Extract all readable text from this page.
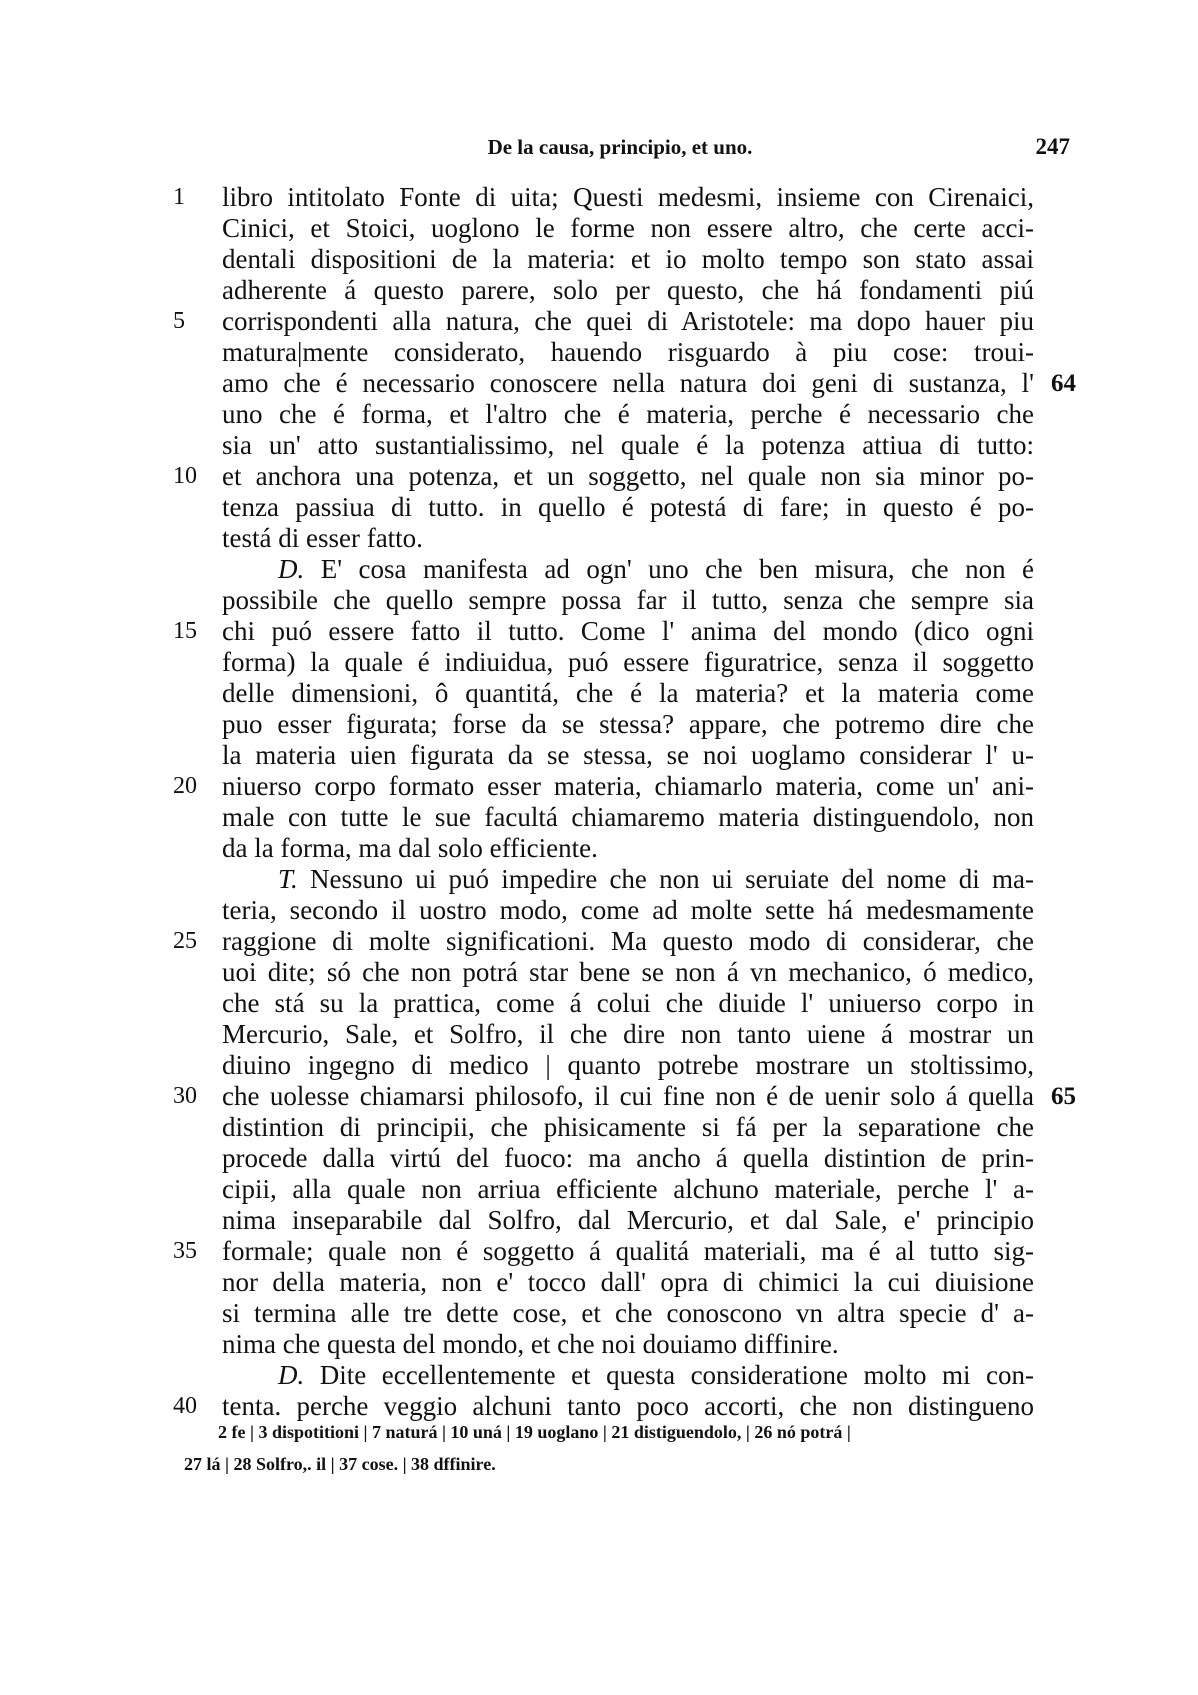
De la causa, principio, et uno.	247
1	libro intitolato Fonte di uita; Questi medesmi, insieme con Cirenaici,
Cinici, et Stoici, uoglono le forme non essere altro, che certe acci-
dentali dispositioni de la materia: et io molto tempo son stato assai
adherente á questo parere, solo per questo, che há fondamenti piú
5	corrispondenti alla natura, che quei di Aristotele: ma dopo hauer piu
matura|mente considerato, hauendo risguardo à piu cose: troui-
64
amo che é necessario conoscere nella natura doi geni di sustanza, l'
uno che é forma, et l'altro che é materia, perche é necessario che
sia un' atto sustantialissimo, nel quale é la potenza attiua di tutto:
10 et anchora una potenza, et un soggetto, nel quale non sia minor po-
tenza passiua di tutto. in quello é potestá di fare; in questo é po-
testá di esser fatto.
D. E' cosa manifesta ad ogn' uno che ben misura, che non é
possibile che quello sempre possa far il tutto, senza che sempre sia
15 chi puó essere fatto il tutto. Come l' anima del mondo (dico ogni
forma) la quale é indiuidua, puó essere figuratrice, senza il soggetto
delle dimensioni, ô quantitá, che é la materia? et la materia come
puo esser figurata; forse da se stessa? appare, che potremo dire che
la materia uien figurata da se stessa, se noi uoglamo considerar l' u-
20 niuerso corpo formato esser materia, chiamarlo materia, come un' ani-
male con tutte le sue facultá chiamaremo materia distinguendolo, non
da la forma, ma dal solo efficiente.
T. Nessuno ui puó impedire che non ui seruiate del nome di ma-
teria, secondo il uostro modo, come ad molte sette há medesmamente
25 raggione di molte significationi. Ma questo modo di considerar, che
uoi dite; só che non potrá star bene se non á vn mechanico, ó medico,
che stá su la prattica, come á colui che diuide l' uniuerso corpo in
Mercurio, Sale, et Solfro, il che dire non tanto uiene á mostrar un
diuino ingegno di medico | quanto potrebe mostrare un stoltissimo,
65
30 che uolesse chiamarsi philosofo, il cui fine non é de uenir solo á quella
distintion di principii, che phisicamente si fá per la separatione che
procede dalla virtú del fuoco: ma ancho á quella distintion de prin-
cipii, alla quale non arriua efficiente alchuno materiale, perche l' a-
nima inseparabile dal Solfro, dal Mercurio, et dal Sale, e' principio
35 formale; quale non é soggetto á qualitá materiali, ma é al tutto sig-
nor della materia, non e' tocco dall' opra di chimici la cui diuisione
si termina alle tre dette cose, et che conoscono vn altra specie d' a-
nima che questa del mondo, et che noi douiamo diffinire.
D. Dite eccellentemente et questa consideratione molto mi con-
40 tenta. perche veggio alchuni tanto poco accorti, che non distingueno
2 fe | 3 dispotitioni | 7 naturá | 10 uná | 19 uoglano | 21 distiguendolo, | 26 nó potrá |
27 lá | 28 Solfro,. il | 37 cose. | 38 dffinire.
